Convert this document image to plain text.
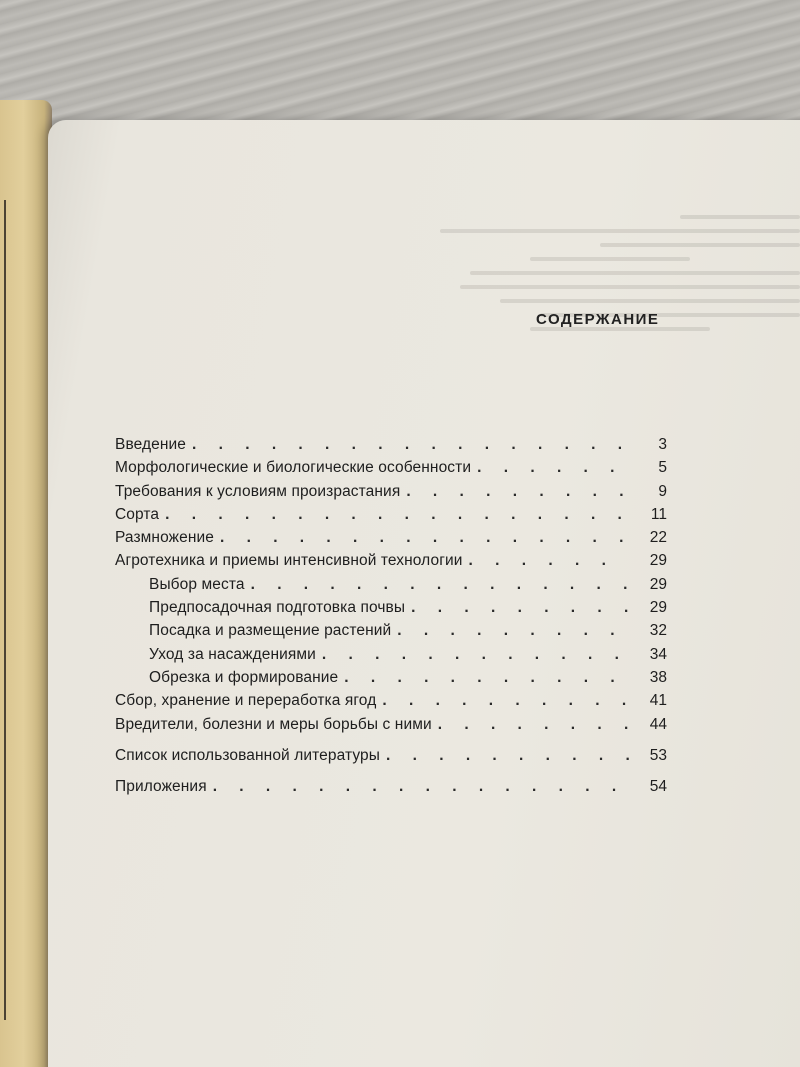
СОДЕРЖАНИЕ
Введение . . .	3
Морфологические и биологические особенности . . .	5
Требования к условиям произрастания . . .	9
Сорта . . .	11
Размножение . . .	22
Агротехника и приемы интенсивной технологии . . .	29
Выбор места . . .	29
Предпосадочная подготовка почвы . . .	29
Посадка и размещение растений . . .	32
Уход за насаждениями . . .	34
Обрезка и формирование . . .	38
Сбор, хранение и переработка ягод . . .	41
Вредители, болезни и меры борьбы с ними . . .	44
Список использованной литературы . . .	53
Приложения . . .	54
